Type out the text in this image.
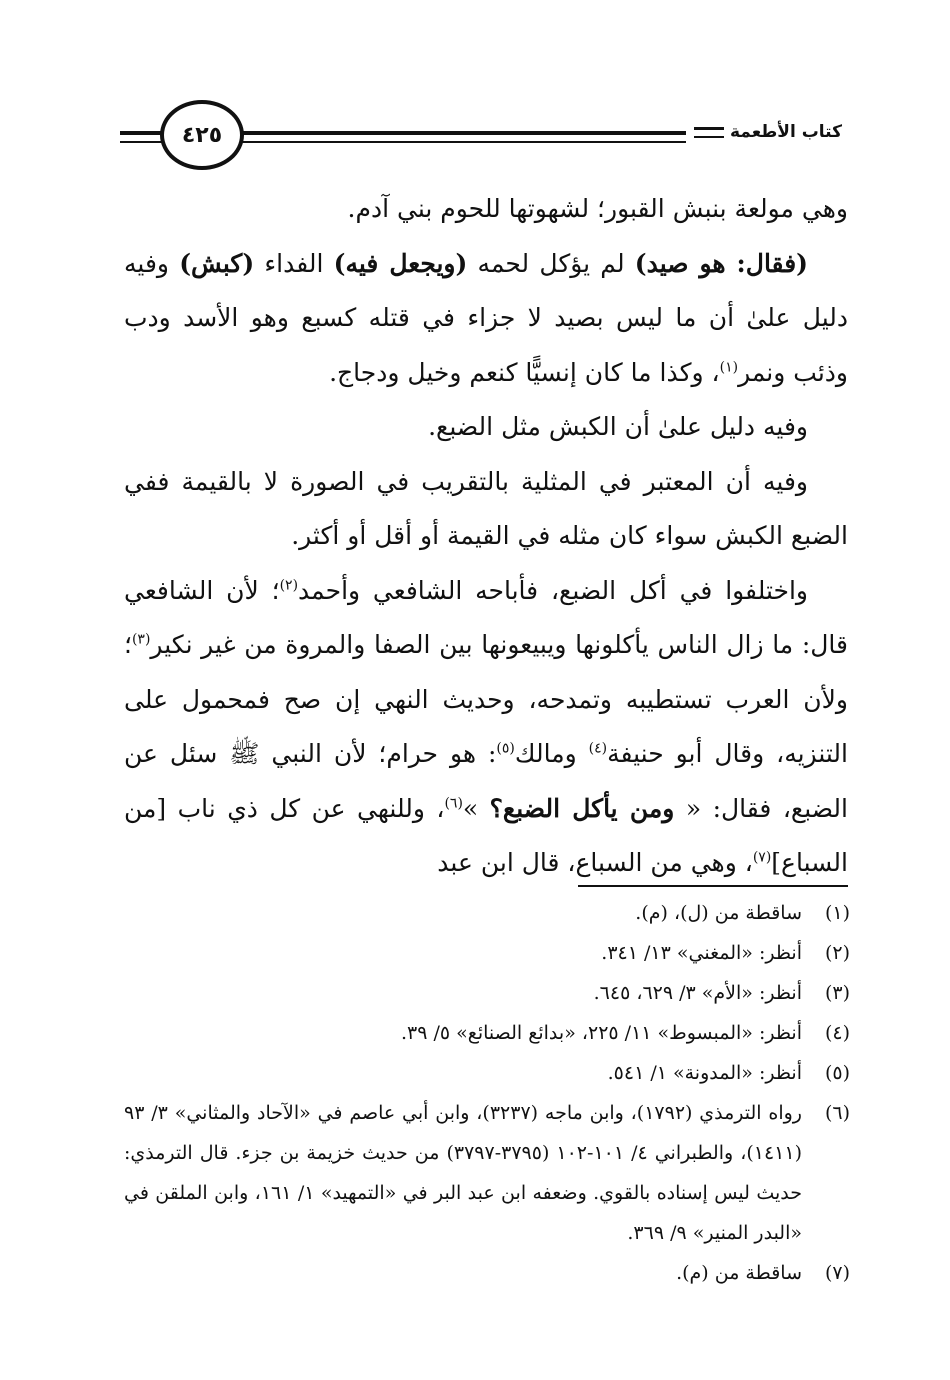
كتاب الأطعمة
٤٢٥

وهي مولعة بنبش القبور؛ لشهوتها للحوم بني آدم.

(فقال: هو صيد) لم يؤكل لحمه (ويجعل فيه) الفداء (كبش) وفيه دليل علىٰ أن ما ليس بصيد لا جزاء في قتله كسبع وهو الأسد ودب وذئب ونمر$^{(١)}$، وكذا ما كان إنسيًّا كنعم وخيل ودجاج.

وفيه دليل علىٰ أن الكبش مثل الضبع.

وفيه أن المعتبر في المثلية بالتقريب في الصورة لا بالقيمة ففي الضبع الكبش سواء كان مثله في القيمة أو أقل أو أكثر.

واختلفوا في أكل الضبع، فأباحه الشافعي وأحمد$^{(٢)}$؛ لأن الشافعي قال: ما زال الناس يأكلونها ويبيعونها بين الصفا والمروة من غير نكير$^{(٣)}$؛ ولأن العرب تستطيبه وتمدحه، وحديث النهي إن صح فمحمول على التنزيه، وقال أبو حنيفة$^{(٤)}$ ومالك$^{(٥)}$: هو حرام؛ لأن النبي ﷺ سئل عن الضبع، فقال: « ومن يأكل الضبع؟ »$^{(٦)}$، وللنهي عن كل ذي ناب [من السباع]$^{(٧)}$، وهي من السباع، قال ابن عبد

(١)
ساقطة من (ل)، (م).
(٢)
أنظر: «المغني» ١٣/ ٣٤١.
(٣)
أنظر: «الأم» ٣/ ٦٢٩، ٦٤٥.
(٤)
أنظر: «المبسوط» ١١/ ٢٢٥، «بدائع الصنائع» ٥/ ٣٩.
(٥)
أنظر: «المدونة» ١/ ٥٤١.
(٦)
رواه الترمذي (١٧٩٢)، وابن ماجه (٣٢٣٧)، وابن أبي عاصم في «الآحاد والمثاني» ٣/ ٩٣ (١٤١١)، والطبراني ٤/ ١٠١-١٠٢ (٣٧٩٥-٣٧٩٧) من حديث خزيمة بن جزء. قال الترمذي: حديث ليس إسناده بالقوي. وضعفه ابن عبد البر في «التمهيد» ١/ ١٦١، وابن الملقن في «البدر المنير» ٩/ ٣٦٩.
(٧)
ساقطة من (م).
